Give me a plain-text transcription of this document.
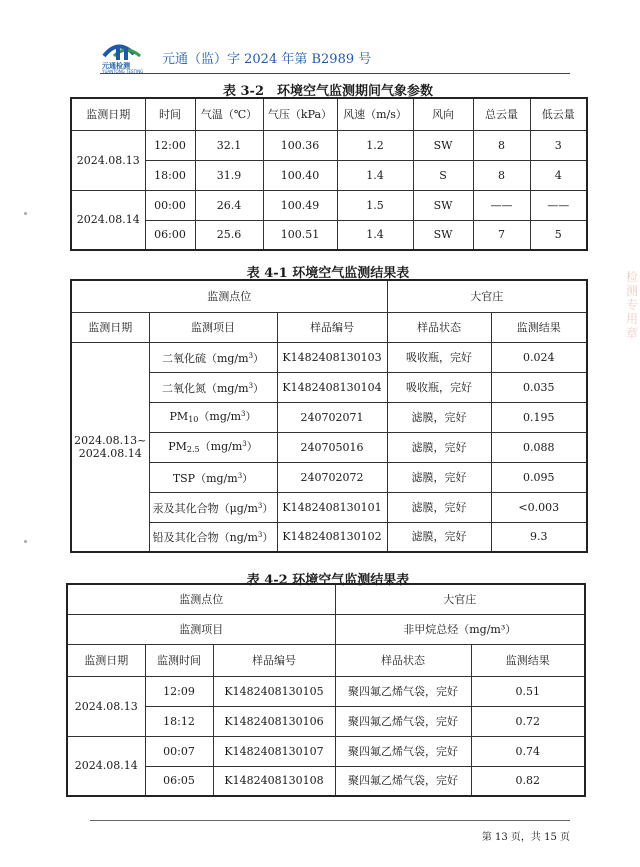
元通检测
YUANTONG TESTING
元通（监）字 2024 年第 B2989 号
检测专用章
表 3-2　环境空气监测期间气象参数
监测日期	时间	气温（℃）	气压（kPa）	风速（m/s）	风向	总云量	低云量
2024.08.13	12:00	32.1	100.36	1.2	SW	8	3
	18:00	31.9	100.40	1.4	S	8	4
2024.08.14	00:00	26.4	100.49	1.5	SW	——	——
	06:00	25.6	100.51	1.4	SW	7	5
表 4-1 环境空气监测结果表
监测点位			大官庄	
监测日期	监测项目	样品编号	样品状态	监测结果
2024.08.13~
2024.08.14	二氧化硫$(mg/m^3)$	K1482408130103	吸收瓶，完好	0.024
	二氧化氮$(mg/m^3)$	K1482408130104	吸收瓶，完好	0.035
	$PM_{10}(mg/m^3)$	240702071	滤膜，完好	0.195
	$PM_{2.5}(mg/m^3)$	240705016	滤膜，完好	0.088
	$TSP(mg/m^3)$	240702072	滤膜，完好	0.095
	汞及其化合物$(\mu g/m^3)$	K1482408130101	滤膜，完好	<0.003
	铅及其化合物$(ng/m^3)$	K1482408130102	滤膜，完好	9.3
表 4-2 环境空气监测结果表
监测点位			大官庄	
监测项目			非甲烷总烃（mg/m³）	
监测日期	监测时间	样品编号	样品状态	监测结果
2024.08.13	12:09	K1482408130105	聚四氟乙烯气袋，完好	0.51
	18:12	K1482408130106	聚四氟乙烯气袋，完好	0.72
2024.08.14	00:07	K1482408130107	聚四氟乙烯气袋，完好	0.74
	06:05	K1482408130108	聚四氟乙烯气袋，完好	0.82
第 13 页，共 15 页
